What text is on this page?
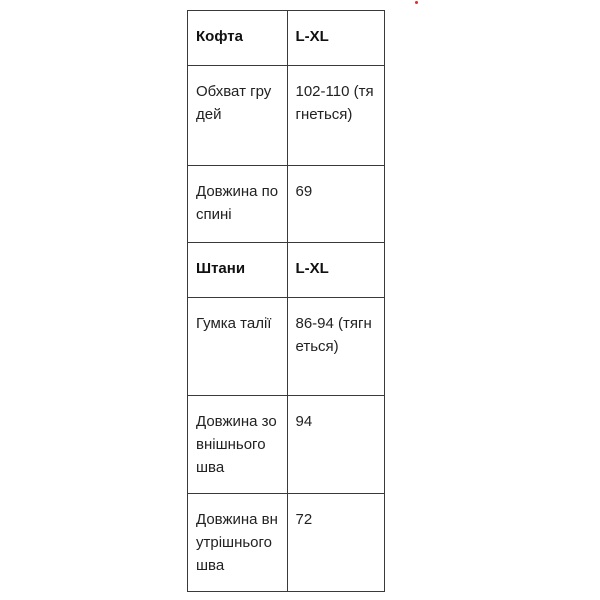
Кофта	L-XL
Обхват грудей	102-110 (тягнеться)
Довжина по спині	69
Штани	L-XL
Гумка талії	86-94 (тягнеться)
Довжина зовнішнього шва	94
Довжина внутрішнього шва	72
